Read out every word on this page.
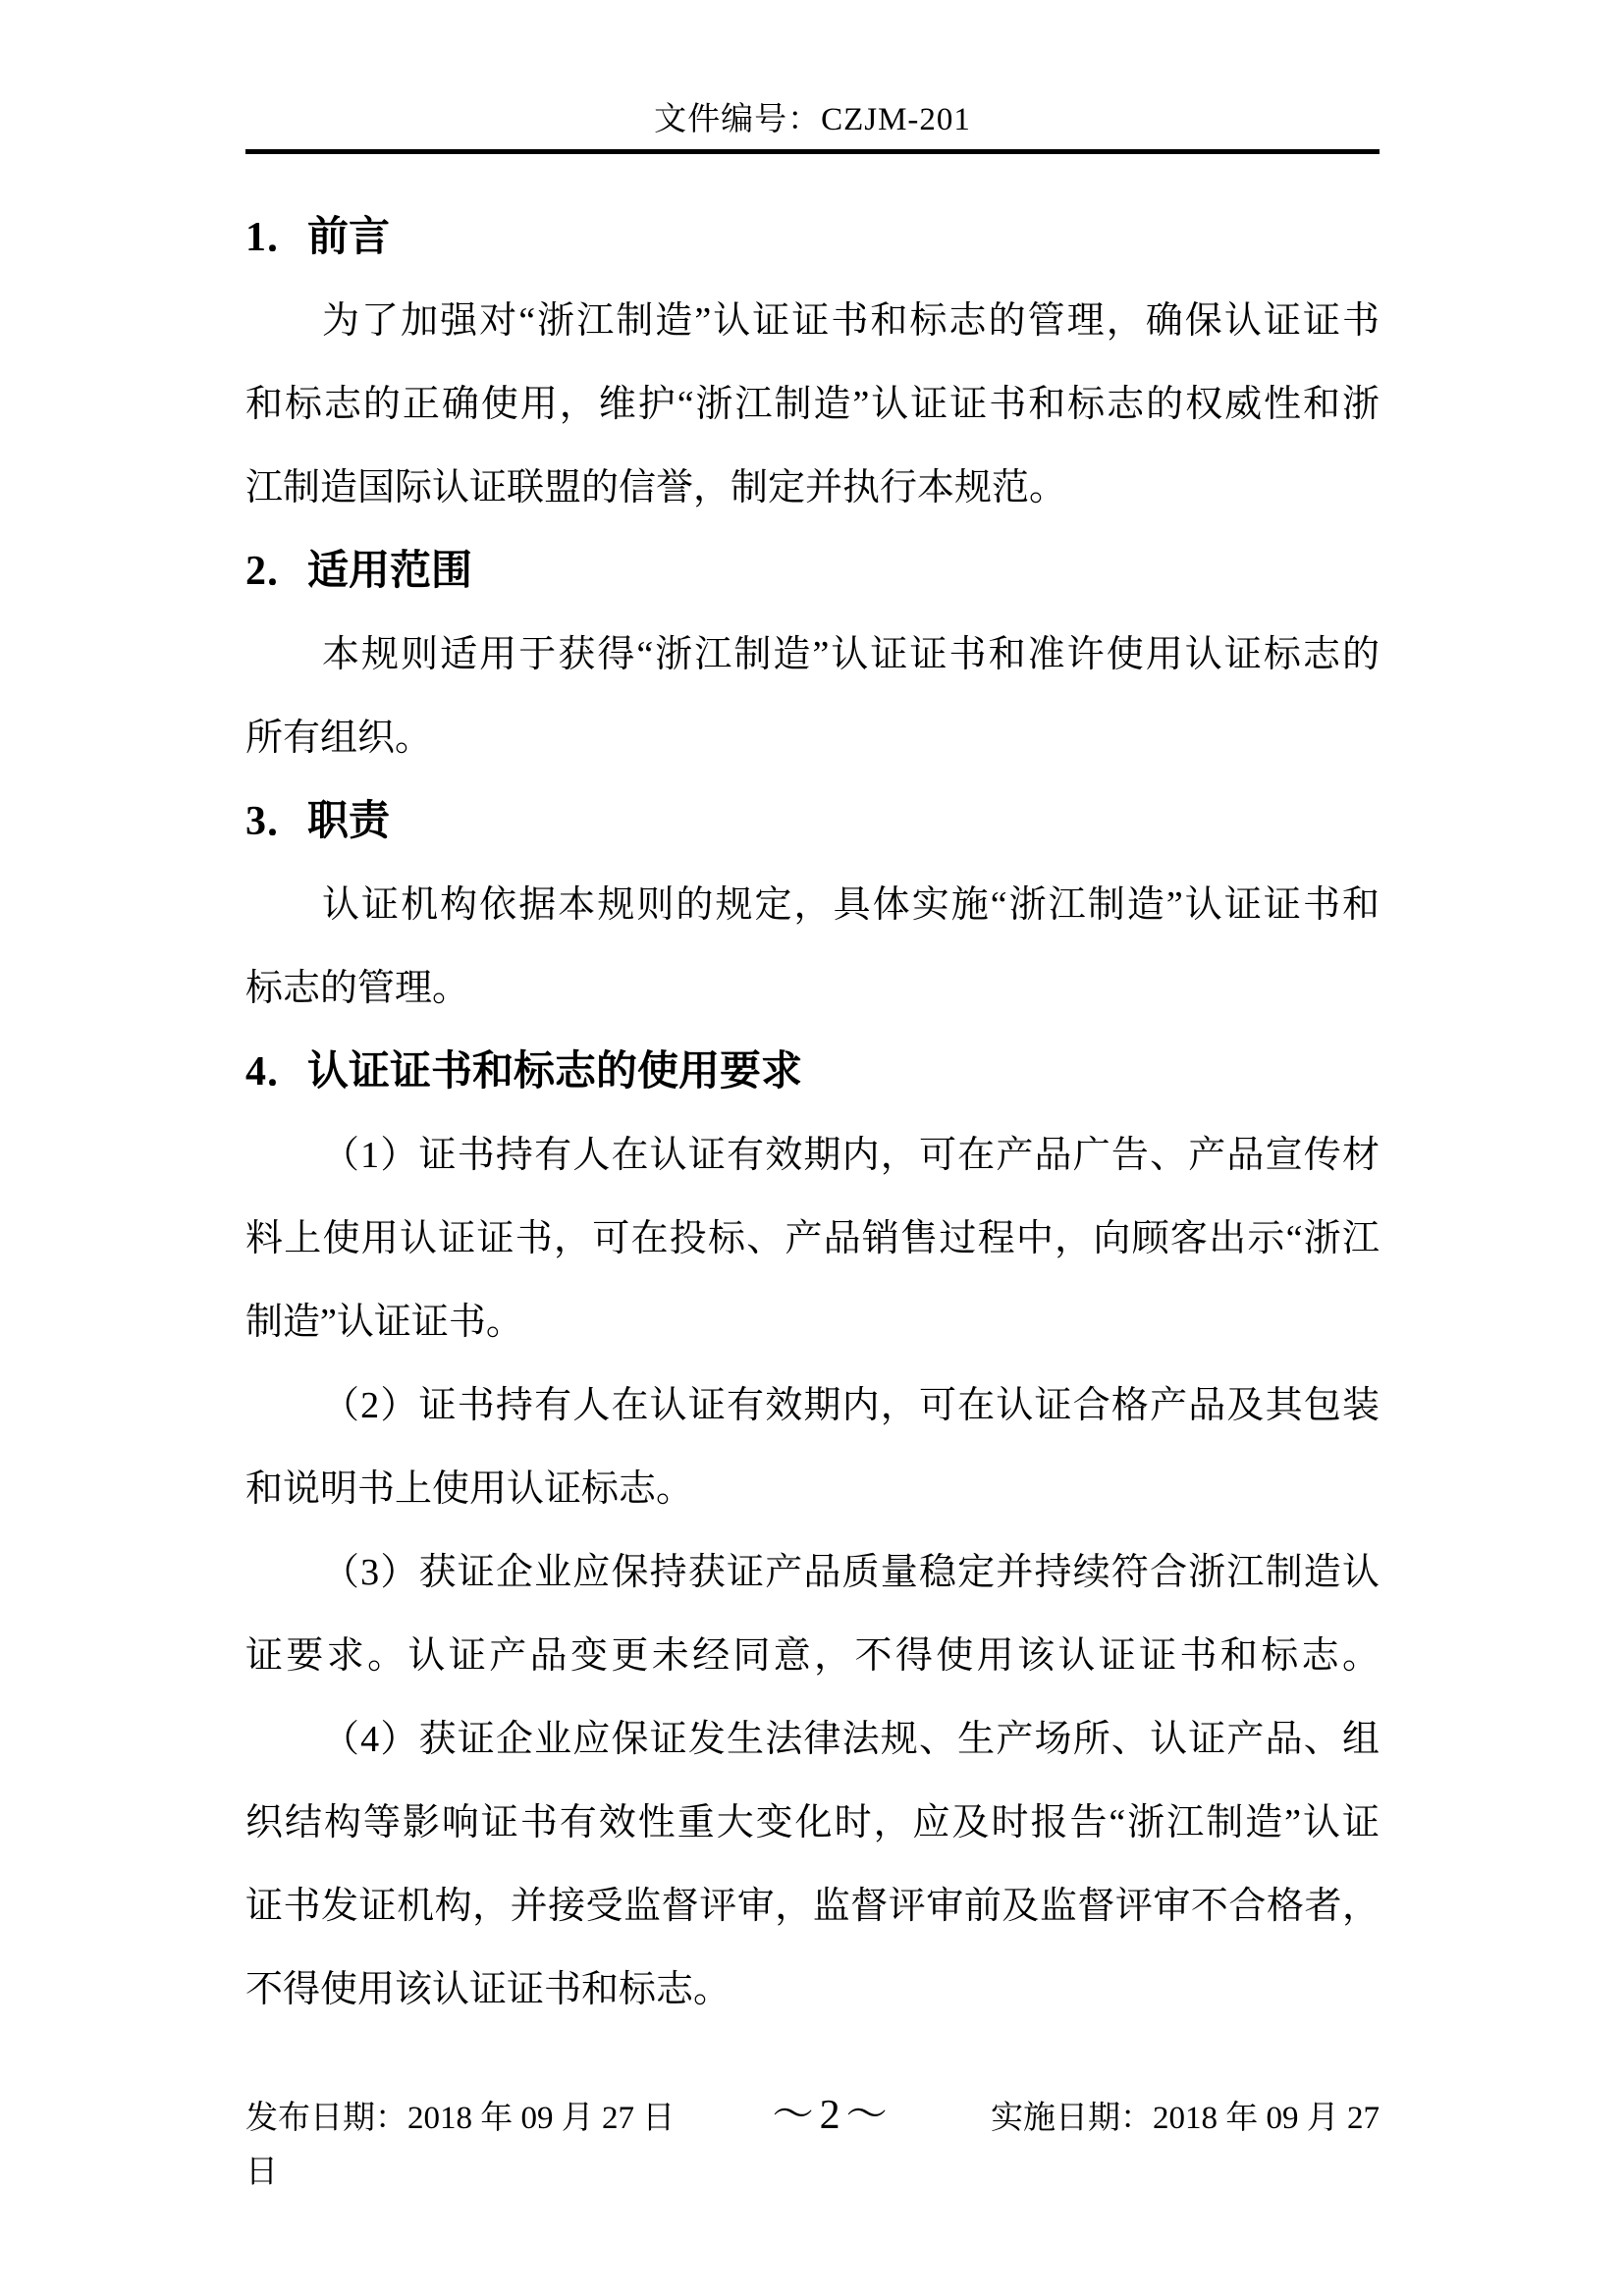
文件编号：CZJM-201
1．前言
为了加强对“浙江制造”认证证书和标志的管理，确保认证证书
和标志的正确使用，维护“浙江制造”认证证书和标志的权威性和浙
江制造国际认证联盟的信誉，制定并执行本规范。
2．适用范围
本规则适用于获得“浙江制造”认证证书和准许使用认证标志的
所有组织。
3．职责
认证机构依据本规则的规定，具体实施“浙江制造”认证证书和
标志的管理。
4．认证证书和标志的使用要求
（1）证书持有人在认证有效期内，可在产品广告、产品宣传材
料上使用认证证书，可在投标、产品销售过程中，向顾客出示“浙江
制造”认证证书。
（2）证书持有人在认证有效期内，可在认证合格产品及其包装
和说明书上使用认证标志。
（3）获证企业应保持获证产品质量稳定并持续符合浙江制造认
证要求。认证产品变更未经同意，不得使用该认证证书和标志。
（4）获证企业应保证发生法律法规、生产场所、认证产品、组
织结构等影响证书有效性重大变化时，应及时报告“浙江制造”认证
证书发证机构，并接受监督评审，监督评审前及监督评审不合格者，
不得使用该认证证书和标志。
发布日期：2018 年 09 月 27 日 ～2～	实施日期：2018 年 09 月 27
日
